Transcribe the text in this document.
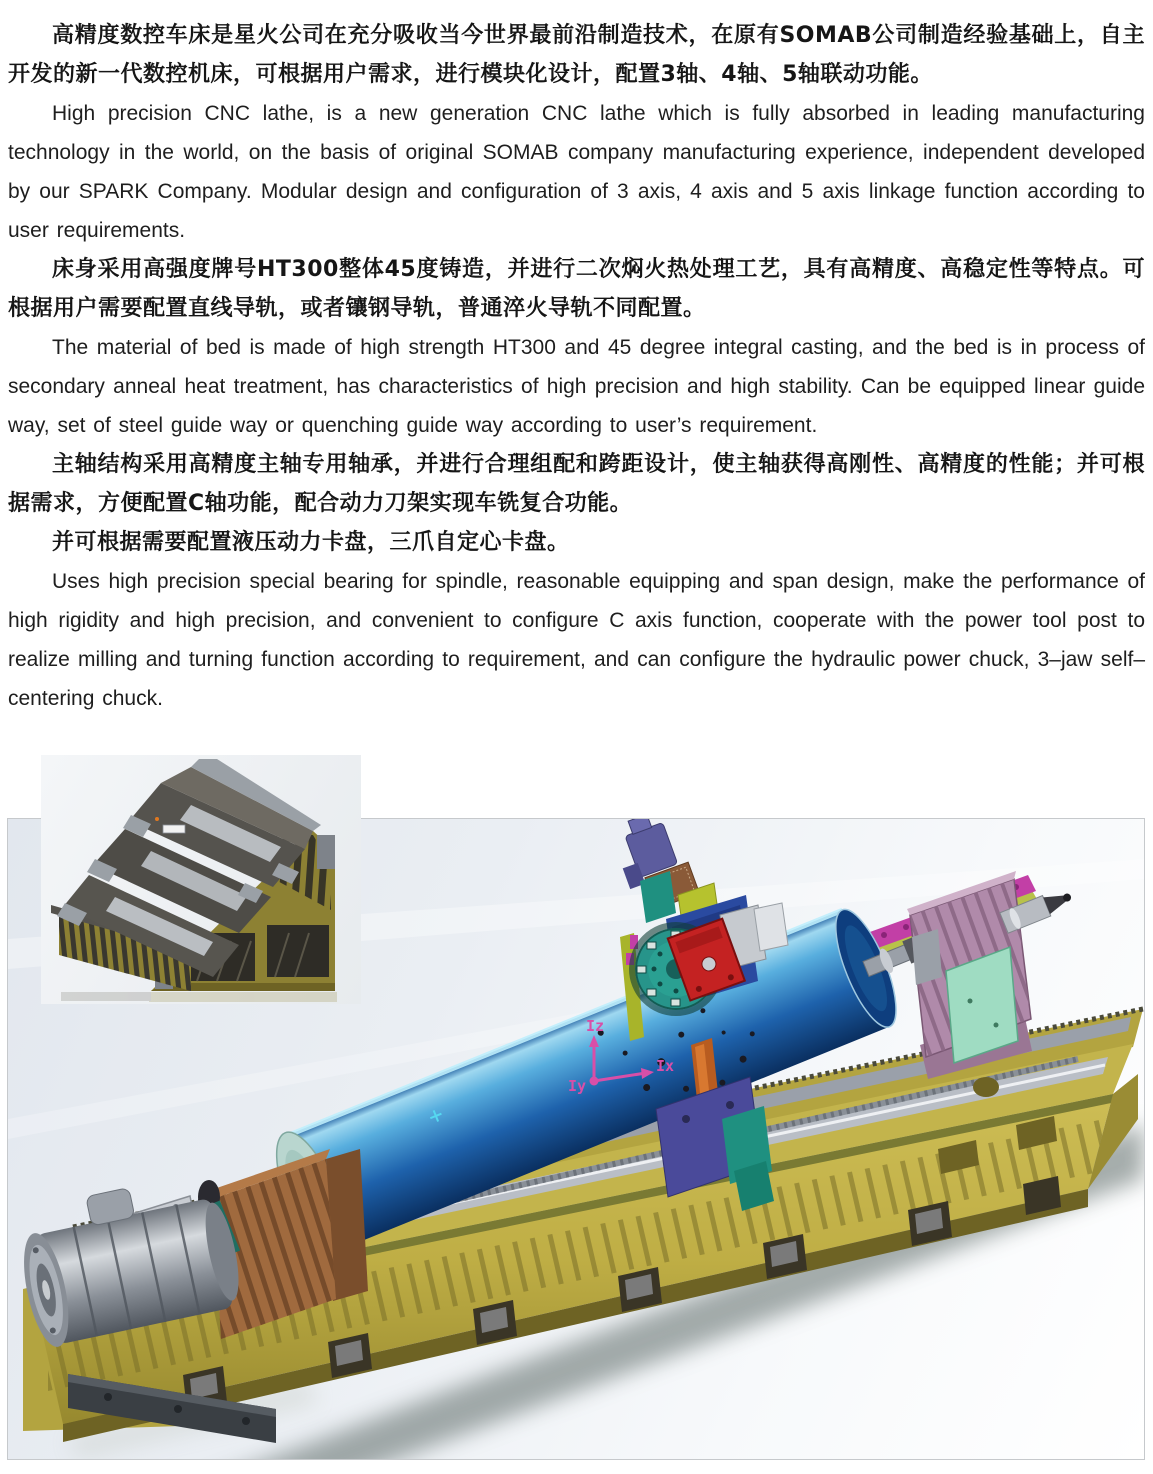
高精度数控车床是星火公司在充分吸收当今世界最前沿制造技术，在原有SOMAB公司制造经验基础上，自主开发的新一代数控机床，可根据用户需求，进行模块化设计，配置3轴、4轴、5轴联动功能。

High precision CNC lathe, is a new generation CNC lathe which is fully absorbed in leading manufacturing technology in the world, on the basis of original SOMAB company manufacturing experience, independent developed by our SPARK Company. Modular design and configuration of 3 axis, 4 axis and 5 axis linkage function according to user requirements.

床身采用高强度牌号HT300整体45度铸造，并进行二次焖火热处理工艺，具有高精度、高稳定性等特点。可根据用户需要配置直线导轨，或者镶钢导轨，普通淬火导轨不同配置。

The material of bed is made of high strength HT300 and 45 degree integral casting, and the bed is in process of secondary anneal heat treatment, has characteristics of high precision and high stability. Can be equipped linear guide way, set of steel guide way or quenching guide way according to user’s requirement.

主轴结构采用高精度主轴专用轴承，并进行合理组配和跨距设计，使主轴获得高刚性、高精度的性能；并可根据需求，方便配置C轴功能，配合动力刀架实现车铣复合功能。

并可根据需要配置液压动力卡盘，三爪自定心卡盘。

Uses high precision special bearing for spindle, reasonable equipping and span design, make the performance of high rigidity and high precision, and convenient to configure C axis function, cooperate with the power tool post to realize milling and turning function according to requirement, and can configure the hydraulic power chuck, 3–jaw self–centering chuck.

Iz
Ix
Iy
